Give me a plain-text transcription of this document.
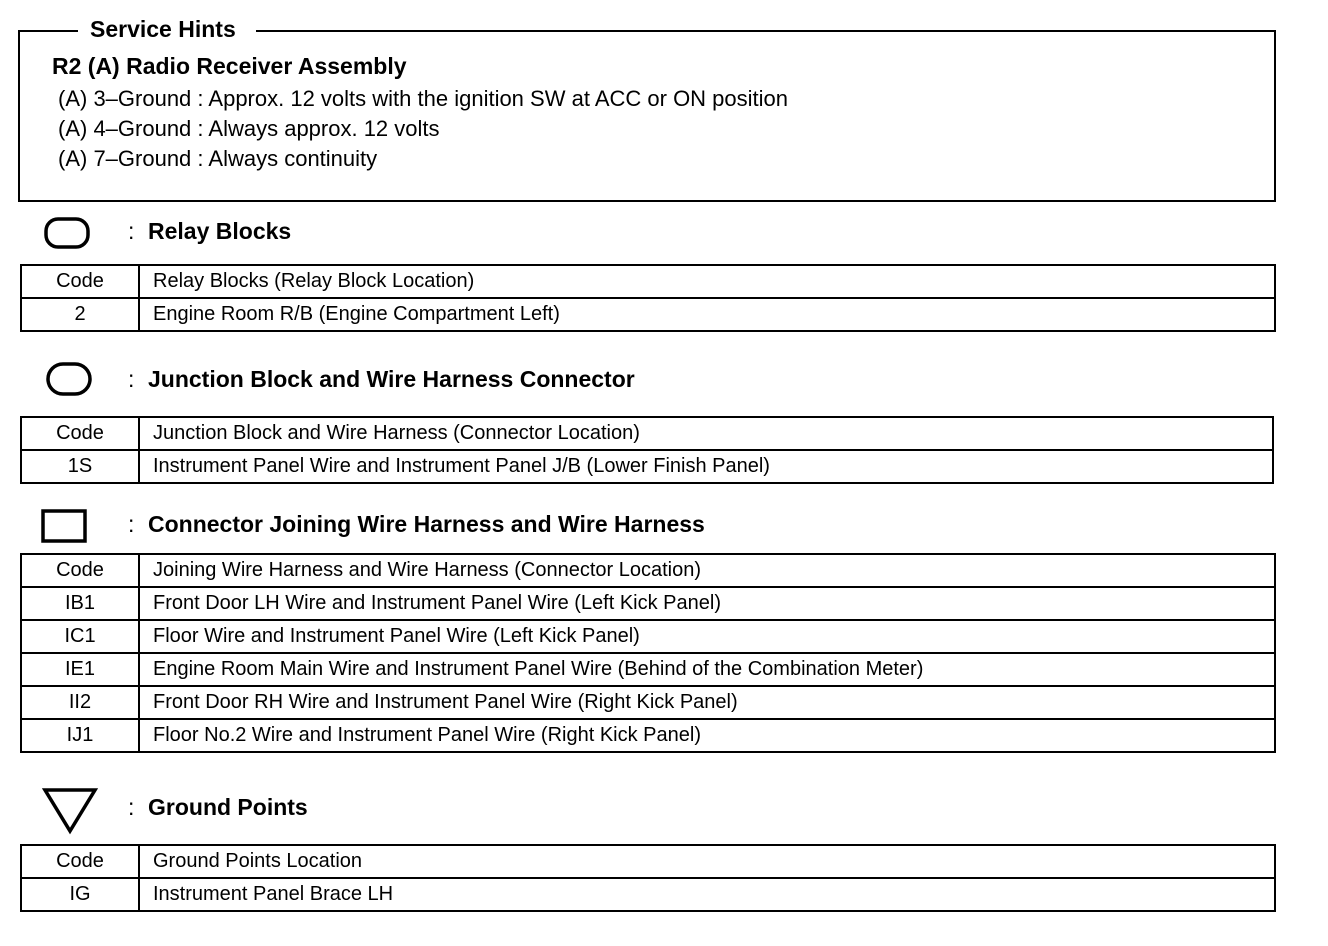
Service Hints
R2 (A) Radio Receiver Assembly
(A) 3–Ground : Approx. 12 volts with the ignition SW at ACC or ON position
(A) 4–Ground : Always approx. 12 volts
(A) 7–Ground : Always continuity
: Relay Blocks
Code	Relay Blocks (Relay Block Location)
2	Engine Room R/B (Engine Compartment Left)
: Junction Block and Wire Harness Connector
Code	Junction Block and Wire Harness (Connector Location)
1S	Instrument Panel Wire and Instrument Panel J/B (Lower Finish Panel)
: Connector Joining Wire Harness and Wire Harness
Code	Joining Wire Harness and Wire Harness (Connector Location)
IB1	Front Door LH Wire and Instrument Panel Wire (Left Kick Panel)
IC1	Floor Wire and Instrument Panel Wire (Left Kick Panel)
IE1	Engine Room Main Wire and Instrument Panel Wire (Behind of the Combination Meter)
II2	Front Door RH Wire and Instrument Panel Wire (Right Kick Panel)
IJ1	Floor No.2 Wire and Instrument Panel Wire (Right Kick Panel)
: Ground Points
Code	Ground Points Location
IG	Instrument Panel Brace LH
